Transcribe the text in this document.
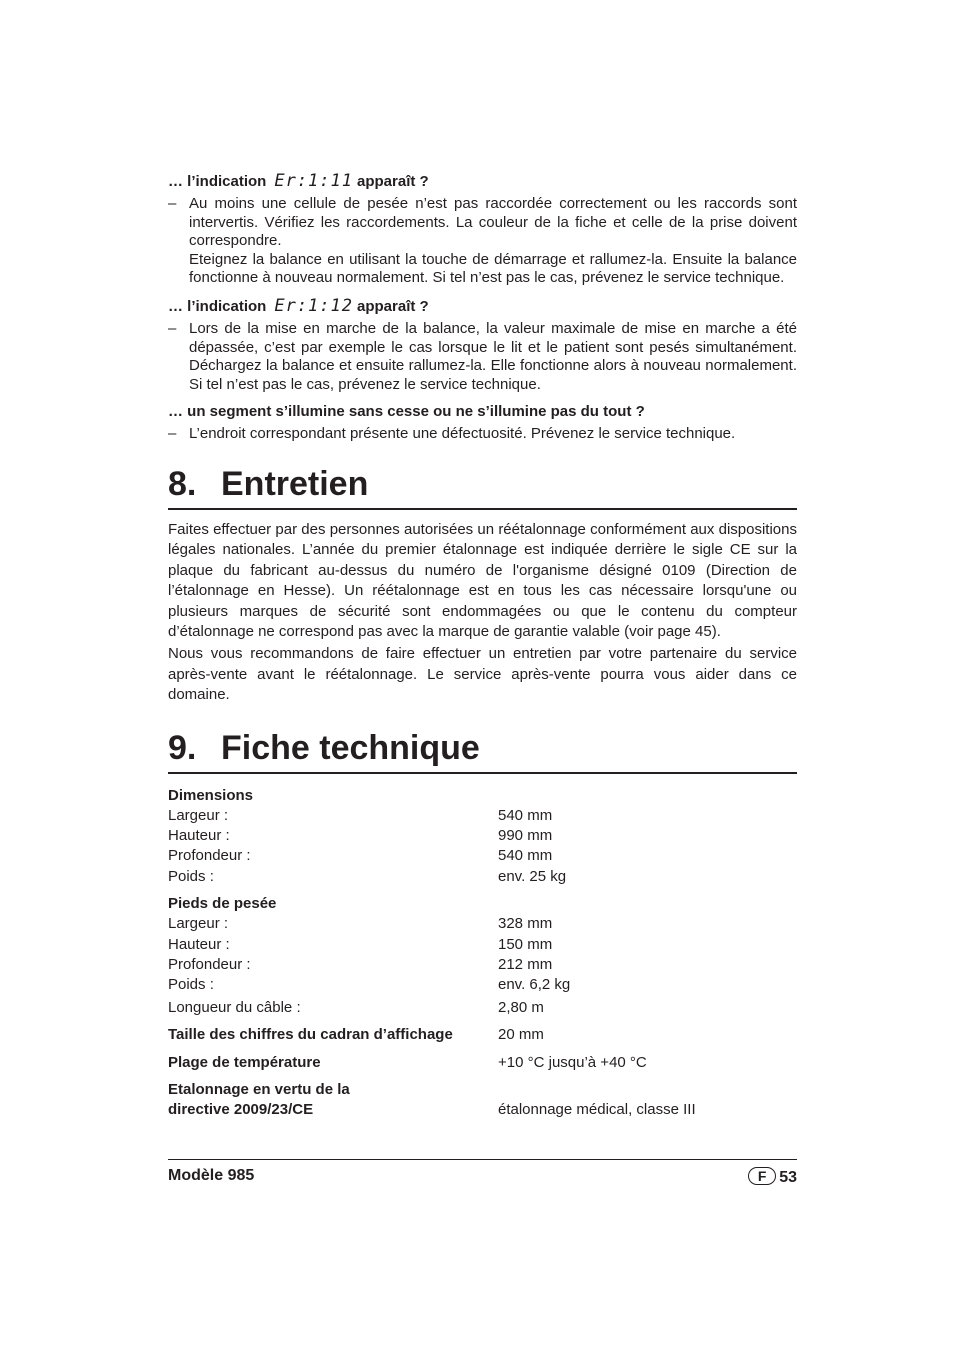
… l’indication Er:1:11 apparaît ?

– Au moins une cellule de pesée n’est pas raccordée correctement ou les raccords sont intervertis. Vérifiez les raccordements. La couleur de la fiche et celle de la prise doivent correspondre.

Eteignez la balance en utilisant la touche de démarrage et rallumez-la. Ensuite la balance fonctionne à nouveau normalement. Si tel n’est pas le cas, prévenez le service technique.

… l’indication Er:1:12 apparaît ?

– Lors de la mise en marche de la balance, la valeur maximale de mise en marche a été dépassée, c’est par exemple le cas lorsque le lit et le patient sont pesés simultanément. Déchargez la balance et ensuite rallumez-la. Elle fonctionne alors à nouveau normalement. Si tel n’est pas le cas, prévenez le service technique.

… un segment s’illumine sans cesse ou ne s’illumine pas du tout ?

– L’endroit correspondant présente une défectuosité. Prévenez le service technique.

8. Entretien

Faites effectuer par des personnes autorisées un réétalonnage conformément aux dispositions légales nationales. L’année du premier étalonnage est indiquée derrière le sigle CE sur la plaque du fabricant au-dessus du numéro de l'organisme désigné 0109 (Direction de l’étalonnage en Hesse). Un réétalonnage est en tous les cas nécessaire lorsqu'une ou plusieurs marques de sécurité sont endommagées ou que le contenu du compteur d’étalonnage ne correspond pas avec la marque de garantie valable (voir page 45).

Nous vous recommandons de faire effectuer un entretien par votre partenaire du service après-vente avant le réétalonnage. Le service après-vente pourra vous aider dans ce domaine.

9. Fiche technique

Dimensions

Largeur :	540 mm
Hauteur :	990 mm
Profondeur :	540 mm
Poids :	env. 25 kg

Pieds de pesée

Largeur :	328 mm
Hauteur :	150 mm
Profondeur :	212 mm
Poids :	env. 6,2 kg
Longueur du câble :	2,80 m
Taille des chiffres du cadran d’affichage	20 mm
Plage de température	+10 °C jusqu’à +40 °C
Etalonnage en vertu de la
directive 2009/23/CE	étalonnage médical, classe III
Modèle 985	F 53
